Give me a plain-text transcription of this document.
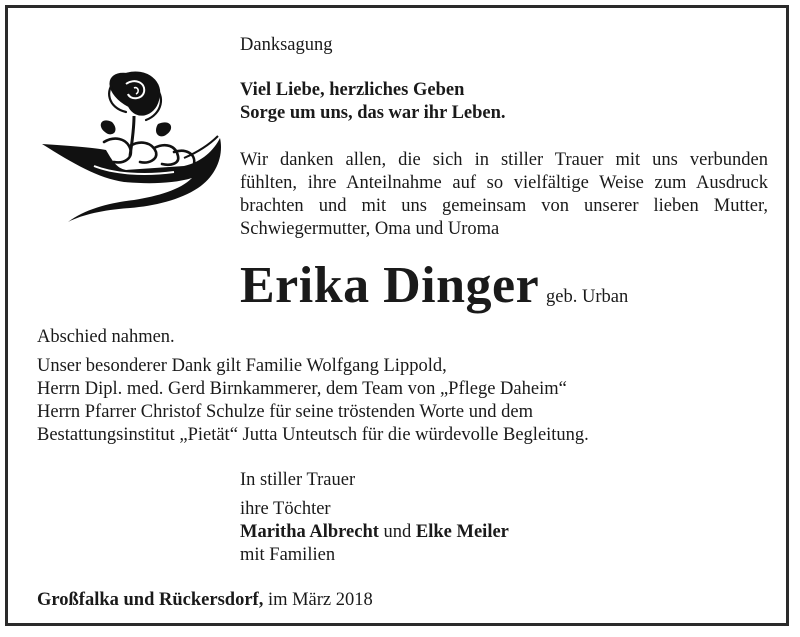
Danksagung
Viel Liebe, herzliches Geben
Sorge um uns, das war ihr Leben.
Wir danken allen, die sich in stiller Trauer mit uns verbunden
fühlten, ihre Anteilnahme auf so vielfältige Weise zum Ausdruck
brachten und mit uns gemeinsam von unserer lieben Mutter,
Schwiegermutter, Oma und Uroma
Erika Dinger geb. Urban
Abschied nahmen.
Unser besonderer Dank gilt Familie Wolfgang Lippold,
Herrn Dipl. med. Gerd Birnkammerer, dem Team von „Pflege Daheim“
Herrn Pfarrer Christof Schulze für seine tröstenden Worte und dem
Bestattungsinstitut „Pietät“ Jutta Unteutsch für die würdevolle Begleitung.
In stiller Trauer
ihre Töchter
Maritha Albrecht und Elke Meiler
mit Familien
Großfalka und Rückersdorf, im März 2018
